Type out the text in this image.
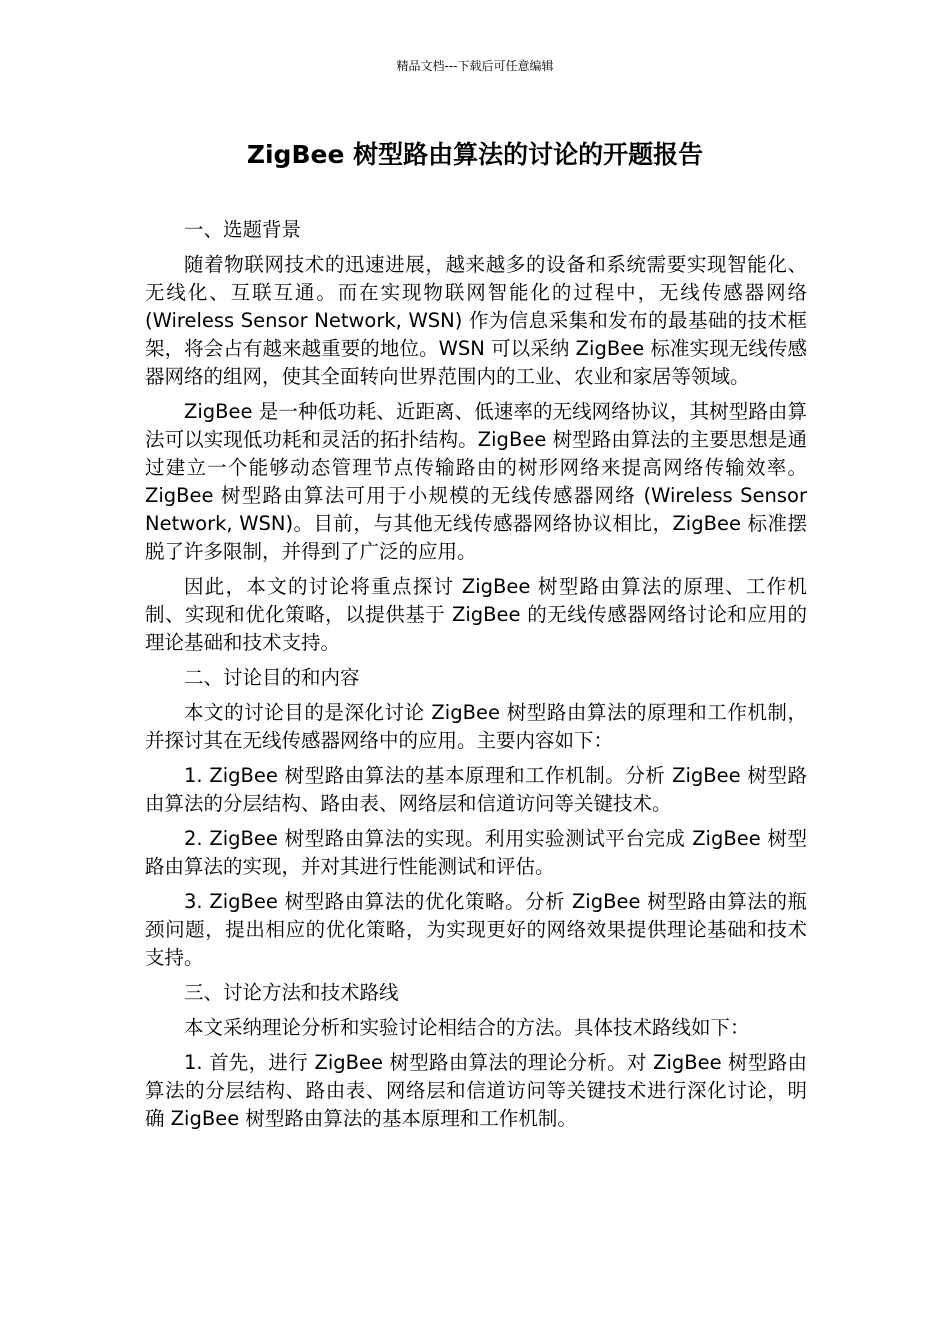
精品文档---下载后可任意编辑
ZigBee 树型路由算法的讨论的开题报告

一、选题背景

随着物联网技术的迅速进展，越来越多的设备和系统需要实现智能化、无线化、互联互通。而在实现物联网智能化的过程中，无线传感器网络 (Wireless Sensor Network, WSN) 作为信息采集和发布的最基础的技术框架，将会占有越来越重要的地位。WSN 可以采纳 ZigBee 标准实现无线传感器网络的组网，使其全面转向世界范围内的工业、农业和家居等领域。

ZigBee 是一种低功耗、近距离、低速率的无线网络协议，其树型路由算法可以实现低功耗和灵活的拓扑结构。ZigBee 树型路由算法的主要思想是通过建立一个能够动态管理节点传输路由的树形网络来提高网络传输效率。ZigBee 树型路由算法可用于小规模的无线传感器网络 (Wireless Sensor Network, WSN)。目前，与其他无线传感器网络协议相比，ZigBee 标准摆脱了许多限制，并得到了广泛的应用。

因此，本文的讨论将重点探讨 ZigBee 树型路由算法的原理、工作机制、实现和优化策略，以提供基于 ZigBee 的无线传感器网络讨论和应用的理论基础和技术支持。

二、讨论目的和内容

本文的讨论目的是深化讨论 ZigBee 树型路由算法的原理和工作机制，并探讨其在无线传感器网络中的应用。主要内容如下：

1. ZigBee 树型路由算法的基本原理和工作机制。分析 ZigBee 树型路由算法的分层结构、路由表、网络层和信道访问等关键技术。

2. ZigBee 树型路由算法的实现。利用实验测试平台完成 ZigBee 树型路由算法的实现，并对其进行性能测试和评估。

3. ZigBee 树型路由算法的优化策略。分析 ZigBee 树型路由算法的瓶颈问题，提出相应的优化策略，为实现更好的网络效果提供理论基础和技术支持。

三、讨论方法和技术路线

本文采纳理论分析和实验讨论相结合的方法。具体技术路线如下：

1. 首先，进行 ZigBee 树型路由算法的理论分析。对 ZigBee 树型路由算法的分层结构、路由表、网络层和信道访问等关键技术进行深化讨论，明确 ZigBee 树型路由算法的基本原理和工作机制。
